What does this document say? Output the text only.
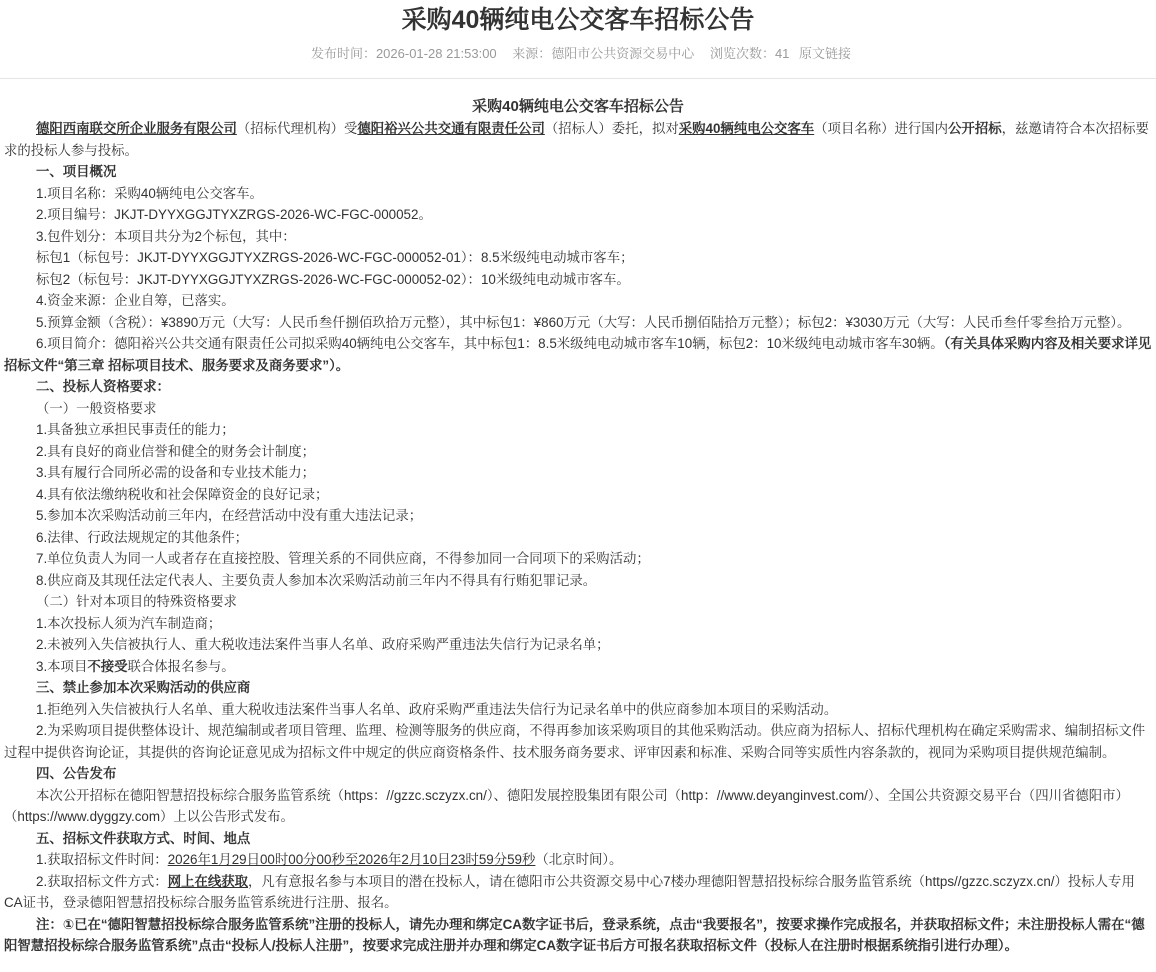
采购40辆纯电公交客车招标公告
发布时间：2026-01-28 21:53:00 来源：德阳市公共资源交易中心 浏览次数：41 原文链接
采购40辆纯电公交客车招标公告

德阳西南联交所企业服务有限公司（招标代理机构）受德阳裕兴公共交通有限责任公司（招标人）委托，拟对采购40辆纯电公交客车（项目名称）进行国内公开招标，兹邀请符合本次招标要求的投标人参与投标。

一、项目概况

1.项目名称：采购40辆纯电公交客车。

2.项目编号：JKJT-DYYXGGJTYXZRGS-2026-WC-FGC-000052。

3.包件划分：本项目共分为2个标包，其中：

标包1（标包号：JKJT-DYYXGGJTYXZRGS-2026-WC-FGC-000052-01）：8.5米级纯电动城市客车；

标包2（标包号：JKJT-DYYXGGJTYXZRGS-2026-WC-FGC-000052-02）：10米级纯电动城市客车。

4.资金来源：企业自筹，已落实。

5.预算金额（含税）：¥3890万元（大写：人民币叁仟捌佰玖拾万元整），其中标包1：¥860万元（大写：人民币捌佰陆拾万元整）；标包2：¥3030万元（大写：人民币叁仟零叁拾万元整）。

6.项目简介：德阳裕兴公共交通有限责任公司拟采购40辆纯电公交客车，其中标包1：8.5米级纯电动城市客车10辆，标包2：10米级纯电动城市客车30辆。（有关具体采购内容及相关要求详见招标文件“第三章 招标项目技术、服务要求及商务要求”）。

二、投标人资格要求：

（一）一般资格要求

1.具备独立承担民事责任的能力；

2.具有良好的商业信誉和健全的财务会计制度；

3.具有履行合同所必需的设备和专业技术能力；

4.具有依法缴纳税收和社会保障资金的良好记录；

5.参加本次采购活动前三年内，在经营活动中没有重大违法记录；

6.法律、行政法规规定的其他条件；

7.单位负责人为同一人或者存在直接控股、管理关系的不同供应商，不得参加同一合同项下的采购活动；

8.供应商及其现任法定代表人、主要负责人参加本次采购活动前三年内不得具有行贿犯罪记录。

（二）针对本项目的特殊资格要求

1.本次投标人须为汽车制造商；

2.未被列入失信被执行人、重大税收违法案件当事人名单、政府采购严重违法失信行为记录名单；

3.本项目不接受联合体报名参与。

三、禁止参加本次采购活动的供应商

1.拒绝列入失信被执行人名单、重大税收违法案件当事人名单、政府采购严重违法失信行为记录名单中的供应商参加本项目的采购活动。

2.为采购项目提供整体设计、规范编制或者项目管理、监理、检测等服务的供应商，不得再参加该采购项目的其他采购活动。供应商为招标人、招标代理机构在确定采购需求、编制招标文件过程中提供咨询论证，其提供的咨询论证意见成为招标文件中规定的供应商资格条件、技术服务商务要求、评审因素和标准、采购合同等实质性内容条款的，视同为采购项目提供规范编制。

四、公告发布

本次公开招标在德阳智慧招投标综合服务监管系统（https：//gzzc.sczyzx.cn/）、德阳发展控股集团有限公司（http：//www.deyanginvest.com/）、全国公共资源交易平台（四川省德阳市）（https://www.dyggzy.com）上以公告形式发布。

五、招标文件获取方式、时间、地点

1.获取招标文件时间：2026年1月29日00时00分00秒至2026年2月10日23时59分59秒（北京时间）。

2.获取招标文件方式：网上在线获取，凡有意报名参与本项目的潜在投标人，请在德阳市公共资源交易中心7楼办理德阳智慧招投标综合服务监管系统（https//gzzc.sczyzx.cn/）投标人专用CA证书，登录德阳智慧招投标综合服务监管系统进行注册、报名。

注：①已在“德阳智慧招投标综合服务监管系统”注册的投标人，请先办理和绑定CA数字证书后，登录系统，点击“我要报名”，按要求操作完成报名，并获取招标文件；未注册投标人需在“德阳智慧招投标综合服务监管系统”点击“投标人/投标人注册”，按要求完成注册并办理和绑定CA数字证书后方可报名获取招标文件（投标人在注册时根据系统指引进行办理）。
